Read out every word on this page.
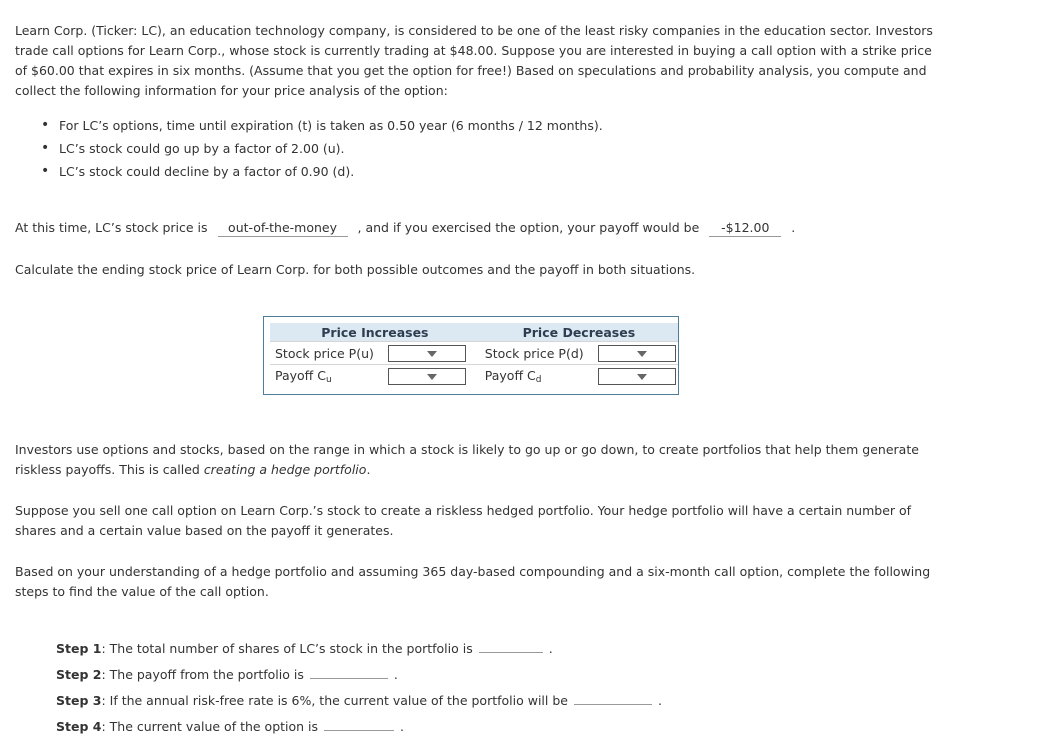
Learn Corp. (Ticker: LC), an education technology company, is considered to be one of the least risky companies in the education sector. Investors trade call options for Learn Corp., whose stock is currently trading at $48.00. Suppose you are interested in buying a call option with a strike price of $60.00 that expires in six months. (Assume that you get the option for free!) Based on speculations and probability analysis, you compute and collect the following information for your price analysis of the option:

• For LC’s options, time until expiration (t) is taken as 0.50 year (6 months / 12 months).
• LC’s stock could go up by a factor of 2.00 (u).
• LC’s stock could decline by a factor of 0.90 (d).
At this time, LC’s stock price is out-of-the-money , and if you exercised the option, your payoff would be -$12.00 .

Calculate the ending stock price of Learn Corp. for both possible outcomes and the payoff in both situations.

Price Increases		Price Decreases	
Stock price P(u)		Stock price P(d)	

Payoff $C_u$		Payoff $C_d$	

Investors use options and stocks, based on the range in which a stock is likely to go up or go down, to create portfolios that help them generate riskless payoffs. This is called creating a hedge portfolio.

Suppose you sell one call option on Learn Corp.’s stock to create a riskless hedged portfolio. Your hedge portfolio will have a certain number of shares and a certain value based on the payoff it generates.

Based on your understanding of a hedge portfolio and assuming 365 day-based compounding and a six-month call option, complete the following steps to find the value of the call option.

Step 1: The total number of shares of LC’s stock in the portfolio is	.
Step 2: The payoff from the portfolio is	.
Step 3: If the annual risk-free rate is 6%, the current value of the portfolio will be	.
Step 4: The current value of the option is	.
